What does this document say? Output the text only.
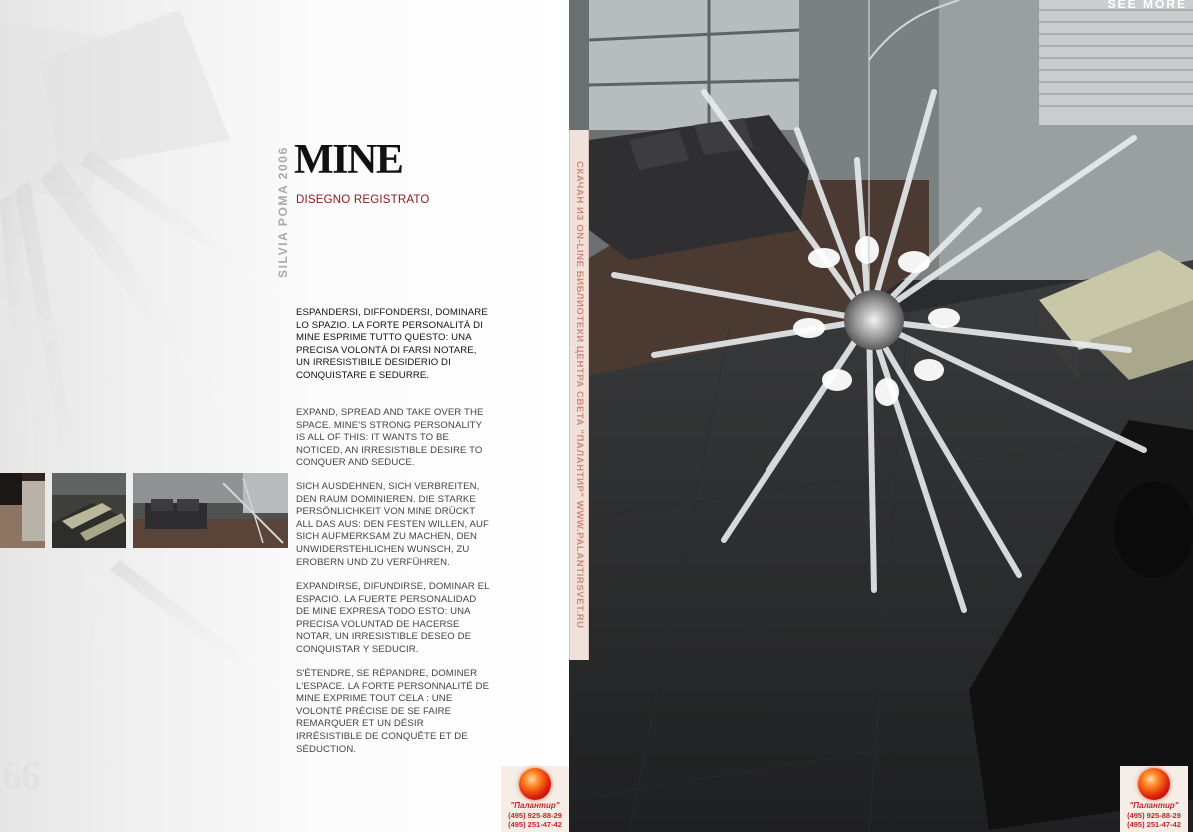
SILVIA POMA 2006 MINE
DISEGNO REGISTRATO
ESPANDERSI, DIFFONDERSI, DOMINARE LO SPAZIO. LA FORTE PERSONALITÀ DI MINE ESPRIME TUTTO QUESTO: UNA PRECISA VOLONTÀ DI FARSI NOTARE, UN IRRESISTIBILE DESIDERIO DI CONQUISTARE E SEDURRE.
EXPAND, SPREAD AND TAKE OVER THE SPACE. MINE'S STRONG PERSONALITY IS ALL OF THIS: IT WANTS TO BE NOTICED, AN IRRESISTIBLE DESIRE TO CONQUER AND SEDUCE.
SICH AUSDEHNEN, SICH VERBREITEN, DEN RAUM DOMINIEREN. DIE STARKE PERSÖNLICHKEIT VON MINE DRÜCKT ALL DAS AUS: DEN FESTEN WILLEN, AUF SICH AUFMERKSAM ZU MACHEN, DEN UNWIDERSTEHLICHEN WUNSCH, ZU EROBERN UND ZU VERFÜHREN.
EXPANDIRSE, DIFUNDIRSE, DOMINAR EL ESPACIO. LA FUERTE PERSONALIDAD DE MINE EXPRESA TODO ESTO: UNA PRECISA VOLUNTAD DE HACERSE NOTAR, UN IRRESISTIBLE DESEO DE CONQUISTAR Y SEDUCIR.
S'ÉTENDRE, SE RÉPANDRE, DOMINER L'ESPACE. LA FORTE PERSONNALITÉ DE MINE EXPRIME TOUT CELA : UNE VOLONTÉ PRÉCISE DE SE FAIRE REMARQUER ET UN DÉSIR IRRÉSISTIBLE DE CONQUÊTE ET DE SÉDUCTION.
66
SEE MORE
СКАЧАН ИЗ ON-LINE БИБЛИОТЕКИ ЦЕНТРА СВЕТА "ПАЛАНТИР" WWW.PALANTIRSVET.RU
"Палантир"
(495) 925-88-29
(495) 251-47-42
"Палантир"
(495) 925-88-29
(495) 251-47-42
